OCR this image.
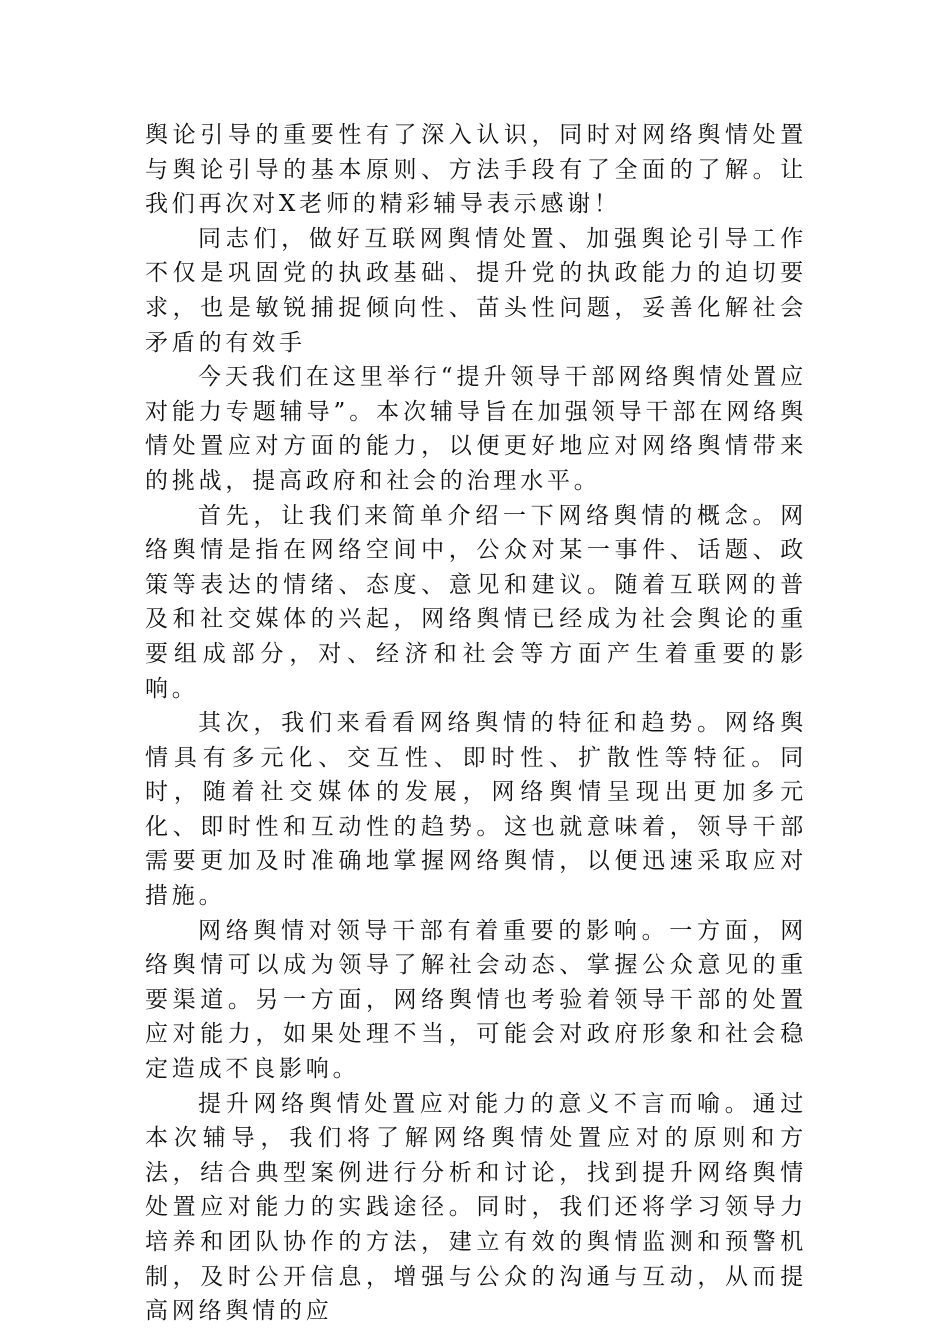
舆论引导的重要性有了深入认识，同时对网络舆情处置与舆论引导的基本原则、方法手段有了全面的了解。让我们再次对X老师的精彩辅导表示感谢！

同志们，做好互联网舆情处置、加强舆论引导工作不仅是巩固党的执政基础、提升党的执政能力的迫切要求，也是敏锐捕捉倾向性、苗头性问题，妥善化解社会矛盾的有效手

今天我们在这里举行“提升领导干部网络舆情处置应对能力专题辅导”。本次辅导旨在加强领导干部在网络舆情处置应对方面的能力，以便更好地应对网络舆情带来的挑战，提高政府和社会的治理水平。

首先，让我们来简单介绍一下网络舆情的概念。网络舆情是指在网络空间中，公众对某一事件、话题、政策等表达的情绪、态度、意见和建议。随着互联网的普及和社交媒体的兴起，网络舆情已经成为社会舆论的重要组成部分，对、经济和社会等方面产生着重要的影响。

其次，我们来看看网络舆情的特征和趋势。网络舆情具有多元化、交互性、即时性、扩散性等特征。同时，随着社交媒体的发展，网络舆情呈现出更加多元化、即时性和互动性的趋势。这也就意味着，领导干部需要更加及时准确地掌握网络舆情，以便迅速采取应对措施。

网络舆情对领导干部有着重要的影响。一方面，网络舆情可以成为领导了解社会动态、掌握公众意见的重要渠道。另一方面，网络舆情也考验着领导干部的处置应对能力，如果处理不当，可能会对政府形象和社会稳定造成不良影响。

提升网络舆情处置应对能力的意义不言而喻。通过本次辅导，我们将了解网络舆情处置应对的原则和方法，结合典型案例进行分析和讨论，找到提升网络舆情处置应对能力的实践途径。同时，我们还将学习领导力培养和团队协作的方法，建立有效的舆情监测和预警机制，及时公开信息，增强与公众的沟通与互动，从而提高网络舆情的应
